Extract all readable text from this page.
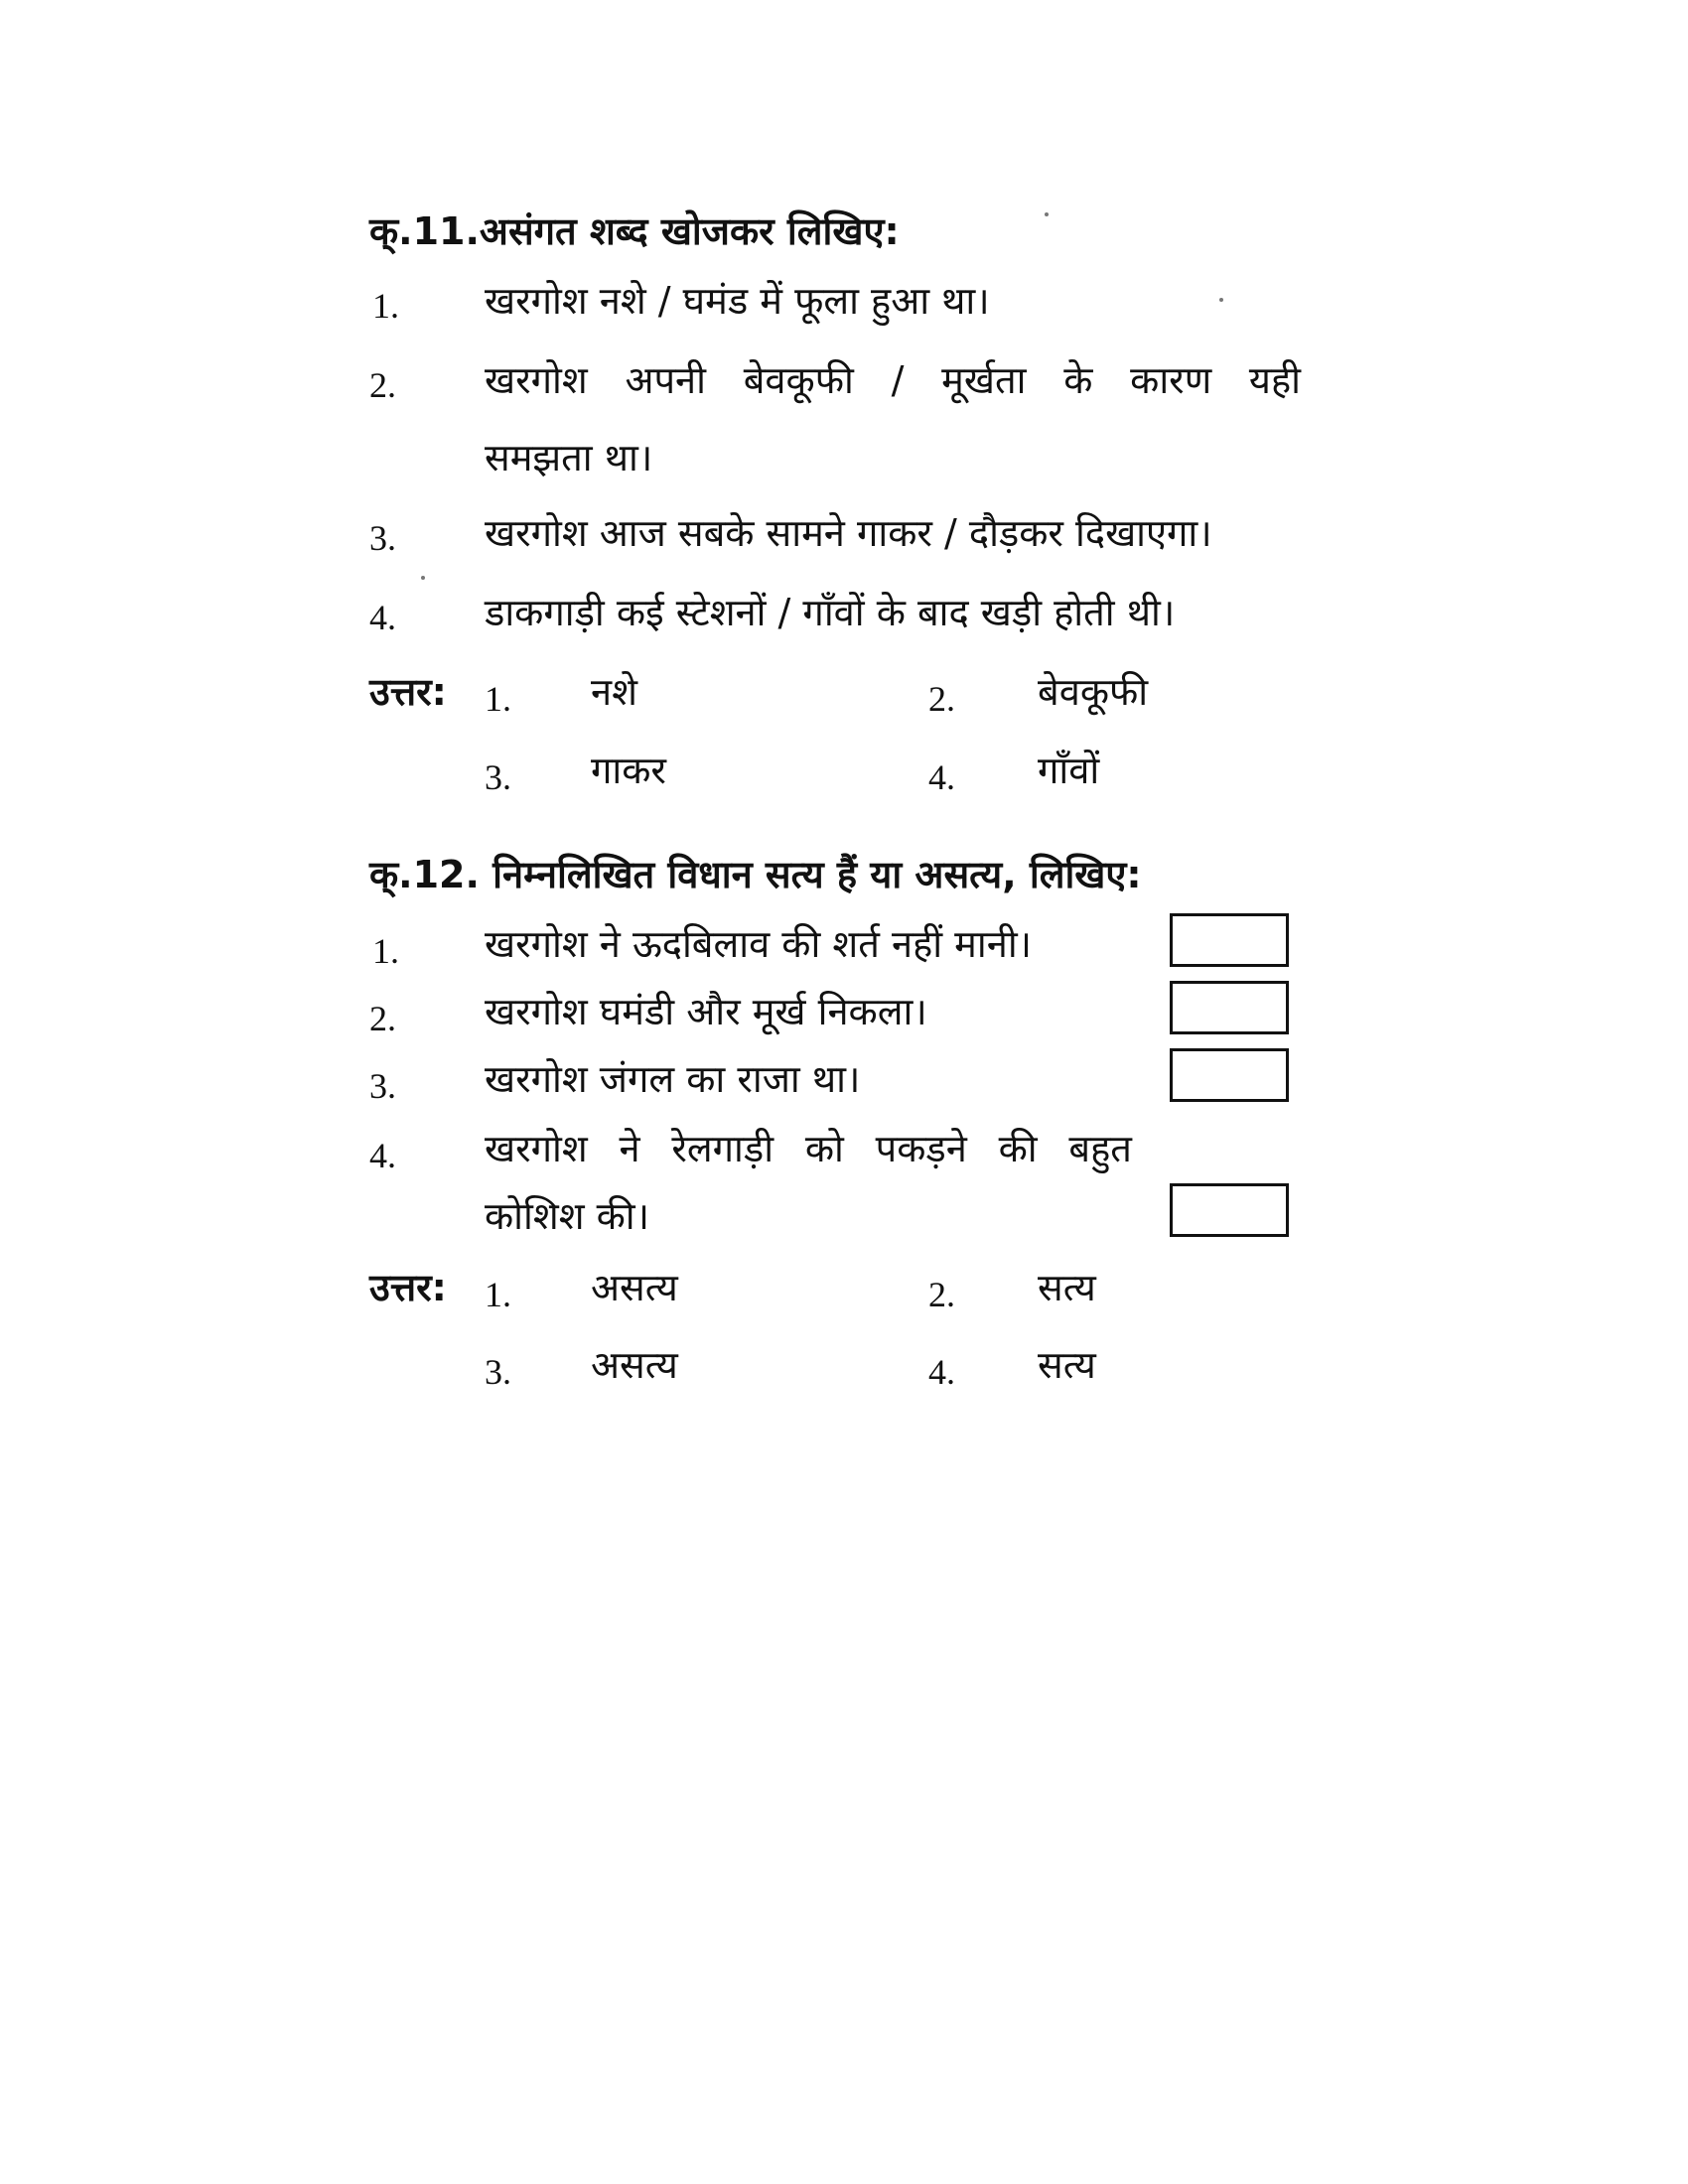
क्.11.असंगत शब्द खोजकर लिखिए:
1. खरगोश नशे / घमंड में फूला हुआ था।
2. खरगोश अपनी बेवकूफी / मूर्खता के कारण यही
समझता था।
3. खरगोश आज सबके सामने गाकर / दौड़कर दिखाएगा।
4. डाकगाड़ी कई स्टेशनों / गाँवों के बाद खड़ी होती थी।
उत्तर: 1. नशे	2. बेवकूफी
3. गाकर	4. गाँवों
क्.12. निम्नलिखित विधान सत्य हैं या असत्य, लिखिए:
1. खरगोश ने ऊदबिलाव की शर्त नहीं मानी।
2. खरगोश घमंडी और मूर्ख निकला।
3. खरगोश जंगल का राजा था।
4. खरगोश ने रेलगाड़ी को पकड़ने की बहुत
कोशिश की।
उत्तर: 1. असत्य	2. सत्य
3. असत्य	4. सत्य
